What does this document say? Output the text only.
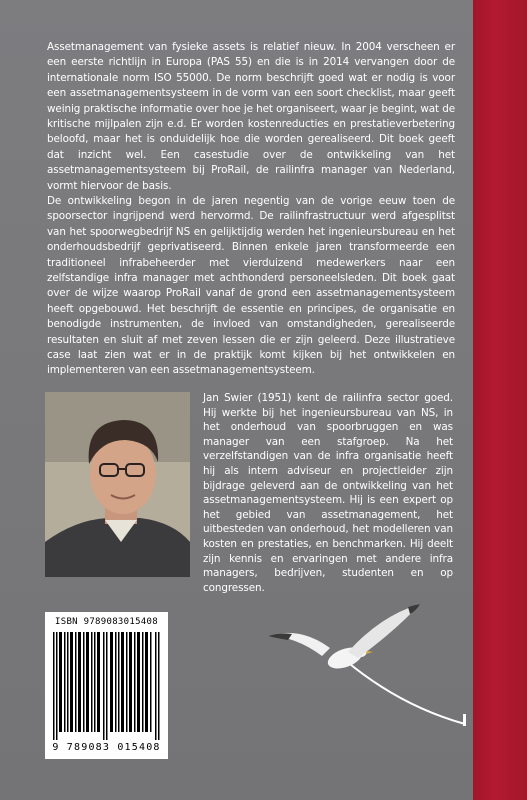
Assetmanagement van fysieke assets is relatief nieuw. In 2004 verscheen er een eerste richtlijn in Europa (PAS 55) en die is in 2014 vervangen door de internationale norm ISO 55000. De norm beschrijft goed wat er nodig is voor een assetmanagementsysteem in de vorm van een soort checklist, maar geeft weinig praktische informatie over hoe je het organiseert, waar je begint, wat de kritische mijlpalen zijn e.d. Er worden kostenreducties en prestatieverbetering beloofd, maar het is onduidelijk hoe die worden gerealiseerd. Dit boek geeft dat inzicht wel. Een casestudie over de ontwikkeling van het assetmanagementsysteem bij ProRail, de railinfra manager van Nederland, vormt hiervoor de basis.
De ontwikkeling begon in de jaren negentig van de vorige eeuw toen de spoorsector ingrijpend werd hervormd. De railinfrastructuur werd afgesplitst van het spoorwegbedrijf NS en gelijktijdig werden het ingenieursbureau en het onderhoudsbedrijf geprivatiseerd. Binnen enkele jaren transformeerde een traditioneel infrabeheerder met vierduizend medewerkers naar een zelfstandige infra manager met achthonderd personeelsleden. Dit boek gaat over de wijze waarop ProRail vanaf de grond een assetmanagementsysteem heeft opgebouwd. Het beschrijft de essentie en principes, de organisatie en benodigde instrumenten, de invloed van omstandigheden, gerealiseerde resultaten en sluit af met zeven lessen die er zijn geleerd. Deze illustratieve case laat zien wat er in de praktijk komt kijken bij het ontwikkelen en implementeren van een assetmanagementsysteem.
Jan Swier (1951) kent de railinfra sector goed. Hij werkte bij het ingenieursbureau van NS, in het onderhoud van spoorbruggen en was manager van een stafgroep. Na het verzelfstandigen van de infra organisatie heeft hij als intern adviseur en projectleider zijn bijdrage geleverd aan de ontwikkeling van het assetmanagementsysteem. Hij is een expert op het gebied van assetmanagement, het uitbesteden van onderhoud, het modelleren van kosten en prestaties, en benchmarken. Hij deelt zijn kennis en ervaringen met andere infra managers, bedrijven, studenten en op congressen.
ISBN 9789083015408
9 789083 015408
